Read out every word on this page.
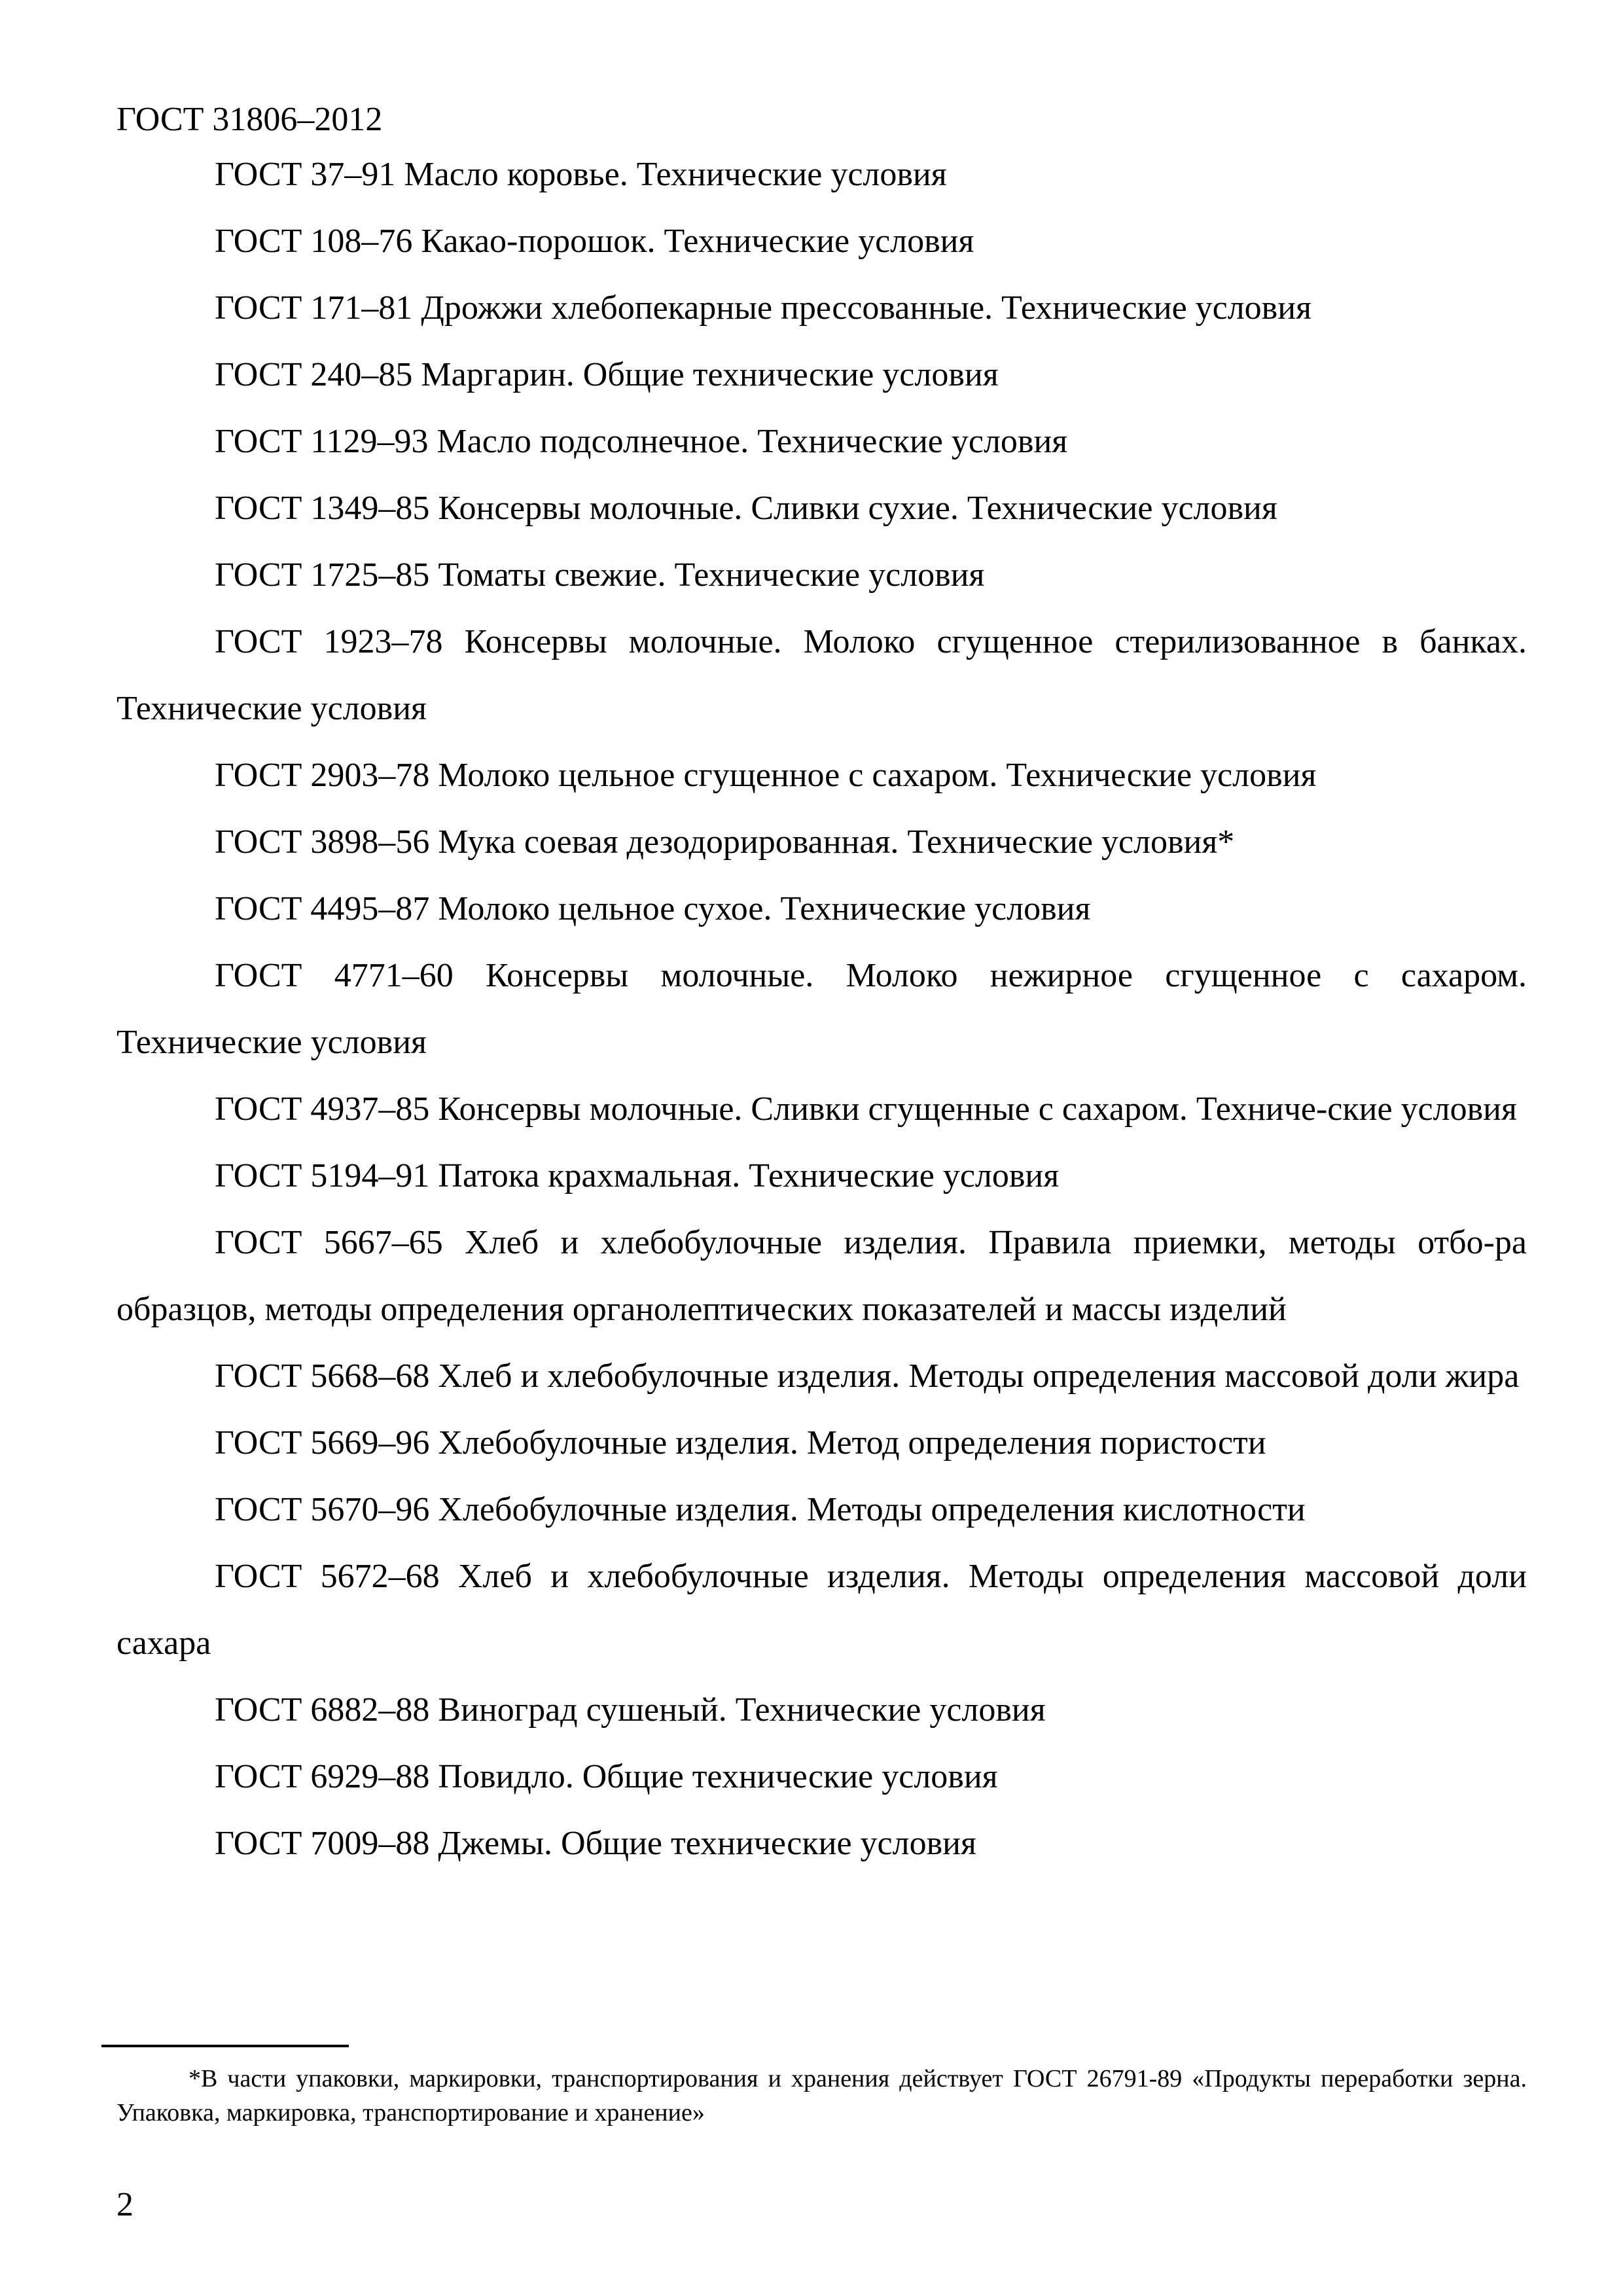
ГОСТ 31806–2012

ГОСТ 37–91 Масло коровье. Технические условия

ГОСТ 108–76 Какао-порошок. Технические условия

ГОСТ 171–81 Дрожжи хлебопекарные прессованные. Технические условия

ГОСТ 240–85 Маргарин. Общие технические условия

ГОСТ 1129–93 Масло подсолнечное. Технические условия

ГОСТ 1349–85 Консервы молочные. Сливки сухие. Технические условия

ГОСТ 1725–85 Томаты свежие. Технические условия

ГОСТ 1923–78 Консервы молочные. Молоко сгущенное стерилизованное в банках. Технические условия

ГОСТ 2903–78 Молоко цельное сгущенное с сахаром. Технические условия

ГОСТ 3898–56 Мука соевая дезодорированная. Технические условия*

ГОСТ 4495–87 Молоко цельное сухое. Технические условия

ГОСТ 4771–60 Консервы молочные. Молоко нежирное сгущенное с сахаром. Технические условия

ГОСТ 4937–85 Консервы молочные. Сливки сгущенные с сахаром. Техниче-ские условия

ГОСТ 5194–91 Патока крахмальная. Технические условия

ГОСТ 5667–65 Хлеб и хлебобулочные изделия. Правила приемки, методы отбо-ра образцов, методы определения органолептических показателей и массы изделий

ГОСТ 5668–68 Хлеб и хлебобулочные изделия. Методы определения массовой доли жира

ГОСТ 5669–96 Хлебобулочные изделия. Метод определения пористости

ГОСТ 5670–96 Хлебобулочные изделия. Методы определения кислотности

ГОСТ 5672–68 Хлеб и хлебобулочные изделия. Методы определения массовой доли сахара

ГОСТ 6882–88 Виноград сушеный. Технические условия

ГОСТ 6929–88 Повидло. Общие технические условия

ГОСТ 7009–88 Джемы. Общие технические условия

*В части упаковки, маркировки, транспортирования и хранения действует ГОСТ 26791-89 «Продукты переработки зерна. Упаковка, маркировка, транспортирование и хранение»

2
